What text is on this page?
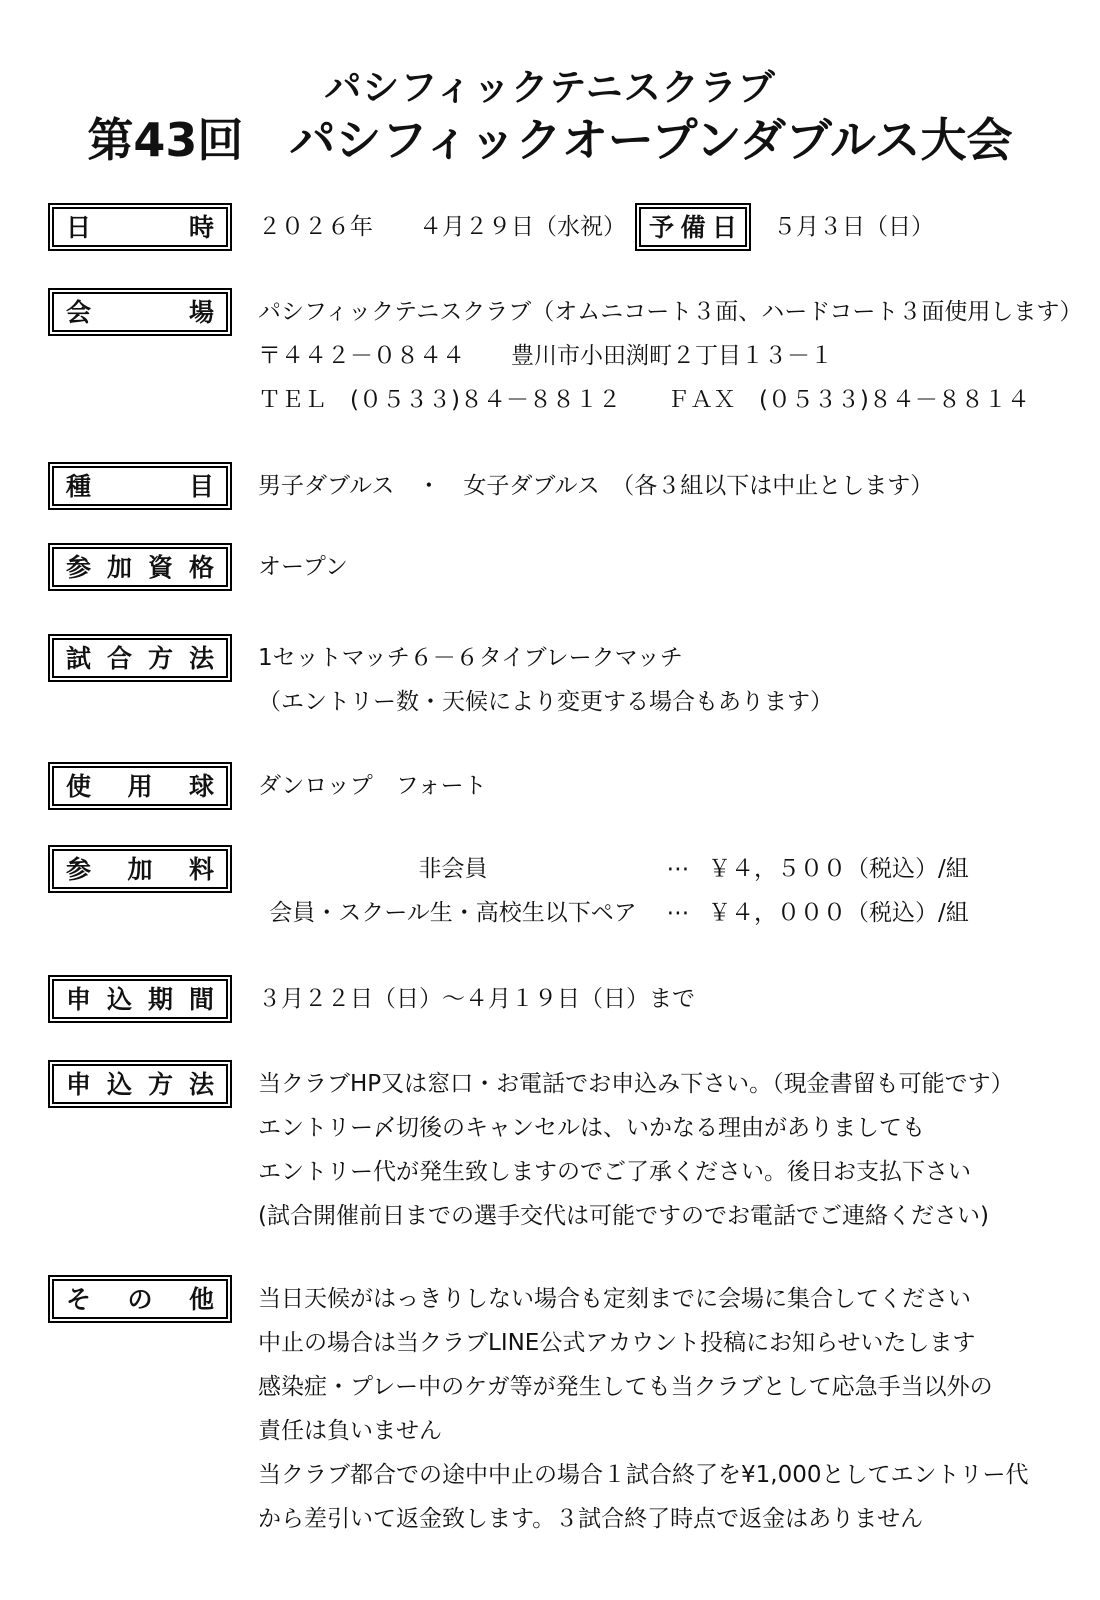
パシフィックテニスクラブ
第43回　パシフィックオープンダブルス大会
日時 ２０２６年　　４月２９日（水祝） 予備日 ５月３日（日）
会場 パシフィックテニスクラブ（オムニコート３面、ハードコート３面使用します）
〒４４２－０８４４　　豊川市小田渕町２丁目１３－１
ＴＥＬ　(０５３３)８４－８８１２　　ＦＡＸ　(０５３３)８４－８８１４
種目 男子ダブルス　・　女子ダブルス　（各３組以下は中止とします）
参加資格 オープン
試合方法 1セットマッチ６－６タイブレークマッチ
（エントリー数・天候により変更する場合もあります）
使用球 ダンロップ　フォート
参加料	非会員	⋯ ￥４，５００（税込）/組
会員・スクール生・高校生以下ペア	⋯ ￥４，０００（税込）/組
申込期間 ３月２２日（日）～４月１９日（日）まで
申込方法 当クラブHP又は窓口・お電話でお申込み下さい。（現金書留も可能です）
エントリー〆切後のキャンセルは、いかなる理由がありましても
エントリー代が発生致しますのでご了承ください。後日お支払下さい
(試合開催前日までの選手交代は可能ですのでお電話でご連絡ください)
その他 当日天候がはっきりしない場合も定刻までに会場に集合してください
中止の場合は当クラブLINE公式アカウント投稿にお知らせいたします
感染症・プレー中のケガ等が発生しても当クラブとして応急手当以外の
責任は負いません
当クラブ都合での途中中止の場合１試合終了を¥1,000としてエントリー代
から差引いて返金致します。３試合終了時点で返金はありません
